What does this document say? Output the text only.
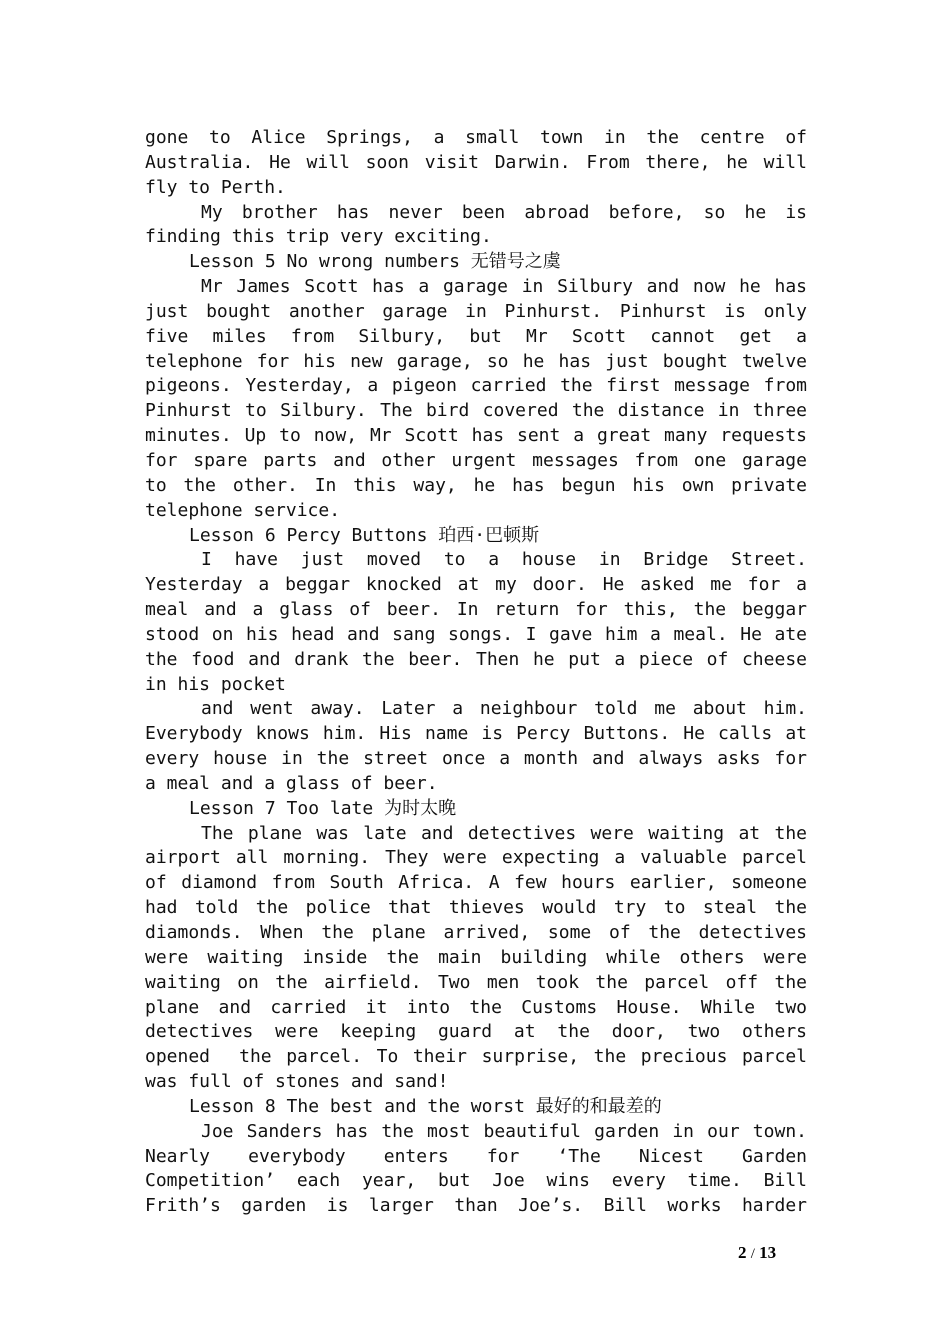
gone to Alice Springs, a small town in the centre of
Australia. He will soon visit Darwin. From there, he will
fly to Perth.
My brother has never been abroad before, so he is
finding this trip very exciting.
Lesson 5 No wrong numbers 无错号之虞
Mr James Scott has a garage in Silbury and now he has
just bought another garage in Pinhurst. Pinhurst is only
five miles from Silbury, but Mr Scott cannot get a
telephone for his new garage, so he has just bought twelve
pigeons. Yesterday, a pigeon carried the first message from
Pinhurst to Silbury. The bird covered the distance in three
minutes. Up to now, Mr Scott has sent a great many requests
for spare parts and other urgent messages from one garage
to the other. In this way, he has begun his own private
telephone service.
Lesson 6 Percy Buttons 珀西·巴顿斯
I have just moved to a house in Bridge Street.
Yesterday a beggar knocked at my door. He asked me for a
meal and a glass of beer. In return for this, the beggar
stood on his head and sang songs. I gave him a meal. He ate
the food and drank the beer. Then he put a piece of cheese
in his pocket
and went away. Later a neighbour told me about him.
Everybody knows him. His name is Percy Buttons. He calls at
every house in the street once a month and always asks for
a meal and a glass of beer.
Lesson 7 Too late 为时太晚
The plane was late and detectives were waiting at the
airport all morning. They were expecting a valuable parcel
of diamond from South Africa. A few hours earlier, someone
had told the police that thieves would try to steal the
diamonds. When the plane arrived, some of the detectives
were waiting inside the main building while others were
waiting on the airfield. Two men took the parcel off the
plane and carried it into the Customs House. While two
detectives were keeping guard at the door, two others
opened  the parcel. To their surprise, the precious parcel
was full of stones and sand!
Lesson 8 The best and the worst 最好的和最差的
Joe Sanders has the most beautiful garden in our town.
Nearly everybody enters for ‘The Nicest Garden
Competition’ each year, but Joe wins every time. Bill
Frith’s garden is larger than Joe’s. Bill works harder
2 / 13
